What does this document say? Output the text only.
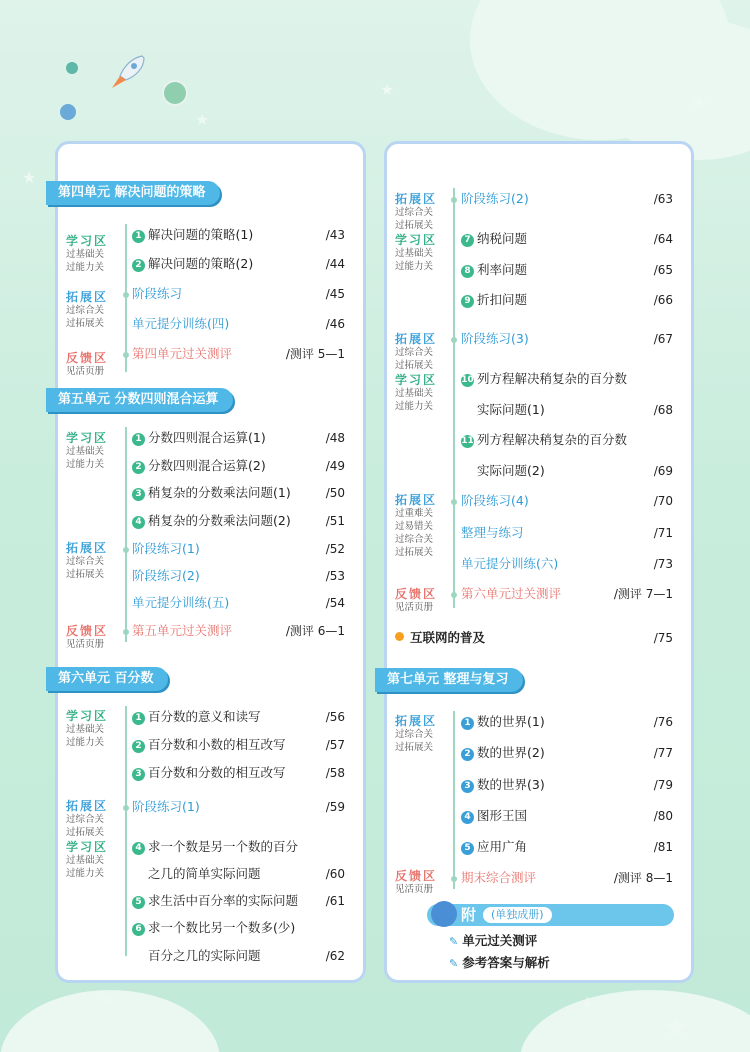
★
★
★
★
★	★
★
第四单元 解决问题的策略
学习区
过基础关
过能力关
拓展区
过综合关
过拓展关
反馈区
见活页册
1 解决问题的策略(1)	/43
2 解决问题的策略(2)	/44
阶段练习	/45
单元提分训练(四)	/46
第四单元过关测评	/测评 5—1
第五单元 分数四则混合运算
学习区
过基础关
过能力关
拓展区
过综合关
过拓展关
反馈区
见活页册
1 分数四则混合运算(1)	/48
2 分数四则混合运算(2)	/49
3 稍复杂的分数乘法问题(1)	/50
4 稍复杂的分数乘法问题(2)	/51
阶段练习(1)	/52
阶段练习(2)	/53
单元提分训练(五)	/54
第五单元过关测评	/测评 6—1
第六单元 百分数
学习区
过基础关
过能力关
拓展区
过综合关
过拓展关
学习区
过基础关
过能力关
1 百分数的意义和读写	/56
2 百分数和小数的相互改写	/57
3 百分数和分数的相互改写	/58
阶段练习(1)	/59
4 求一个数是另一个数的百分
之几的简单实际问题	/60
5 求生活中百分率的实际问题 /61
6 求一个数比另一个数多(少)
百分之几的实际问题	/62
拓展区
过综合关
过拓展关
学习区
过基础关
过能力关
拓展区
过综合关
过拓展关
学习区
过基础关
过能力关
拓展区
过重难关
过易错关
过综合关
过拓展关
反馈区
见活页册
阶段练习(2)	/63
7 纳税问题	/64
8 利率问题	/65
9 折扣问题	/66
阶段练习(3)	/67
10 列方程解决稍复杂的百分数
实际问题(1)	/68
11 列方程解决稍复杂的百分数
实际问题(2)	/69
阶段练习(4)	/70
整理与练习	/71
单元提分训练(六)	/73
第六单元过关测评	/测评 7—1
互联网的普及	/75
第七单元 整理与复习
拓展区
过综合关
过拓展关
反馈区
见活页册
1 数的世界(1)	/76
2 数的世界(2)	/77
3 数的世界(3)	/79
4 图形王国	/80
5 应用广角	/81
期末综合测评	/测评 8—1
附	(单独成册)
✎ 单元过关测评
✎ 参考答案与解析
